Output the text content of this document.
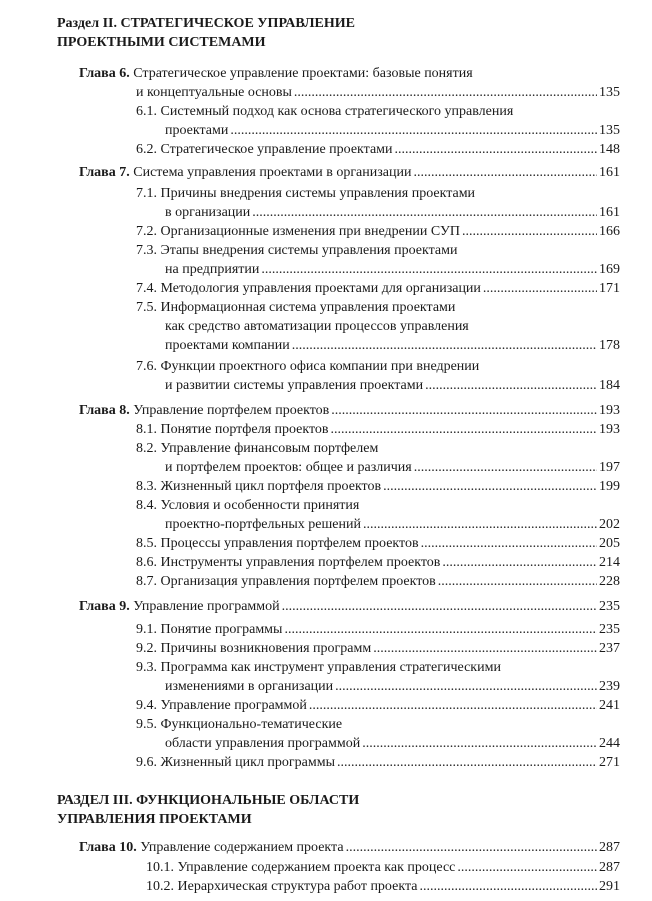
Раздел II. СТРАТЕГИЧЕСКОЕ УПРАВЛЕНИЕ
ПРОЕКТНЫМИ СИСТЕМАМИ
Глава 6. Стратегическое управление проектами: базовые понятия
и концептуальные основы .....	135
6.1. Системный подход как основа стратегического управления
проектами .....	135
6.2. Стратегическое управление проектами .....	148
Глава 7. Система управления проектами в организации .....	161
7.1. Причины внедрения системы управления проектами
в организации .....	161
7.2. Организационные изменения при внедрении СУП .....	166
7.3. Этапы внедрения системы управления проектами
на предприятии .....	169
7.4. Методология управления проектами для организации .....	171
7.5. Информационная система управления проектами
как средство автоматизации процессов управления
проектами компании .....	178
7.6. Функции проектного офиса компании при внедрении
и развитии системы управления проектами .....	184
Глава 8. Управление портфелем проектов .....	193
8.1. Понятие портфеля проектов .....	193
8.2. Управление финансовым портфелем
и портфелем проектов: общее и различия .....	197
8.3. Жизненный цикл портфеля проектов .....	199
8.4. Условия и особенности принятия
проектно-портфельных решений .....	202
8.5. Процессы управления портфелем проектов .....	205
8.6. Инструменты управления портфелем проектов .....	214
8.7. Организация управления портфелем проектов .....	228
Глава 9. Управление программой .....	235
9.1. Понятие программы .....	235
9.2. Причины возникновения программ .....	237
9.3. Программа как инструмент управления стратегическими
изменениями в организации .....	239
9.4. Управление программой .....	241
9.5. Функционально-тематические
области управления программой .....	244
9.6. Жизненный цикл программы .....	271
РАЗДЕЛ III. ФУНКЦИОНАЛЬНЫЕ ОБЛАСТИ
УПРАВЛЕНИЯ ПРОЕКТАМИ
Глава 10. Управление содержанием проекта .....	287
10.1. Управление содержанием проекта как процесс .....	287
10.2. Иерархическая структура работ проекта .....	291
